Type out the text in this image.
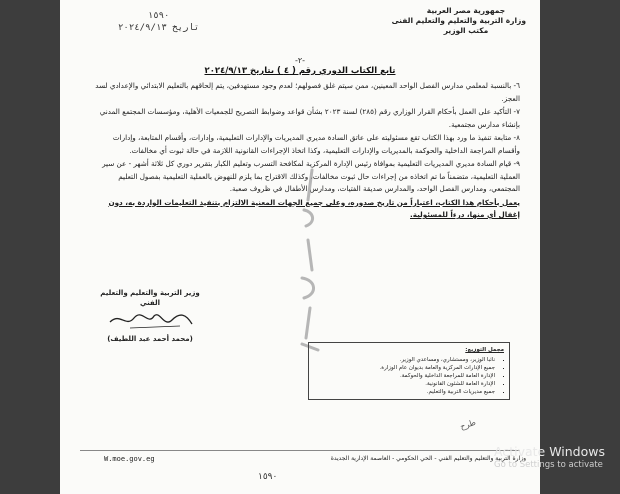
جمهورية مصر العربية
وزارة التربية والتعليم والتعليم الفنى
مكتب الوزير
١٥٩٠
تاريخ ٢٠٢٤/٩/١٣
-٢-
تابع الكتاب الدوري رقم ( ٤ ) بتاريخ ٢٠٢٤/٩/١٣

٦- بالنسبة لمعلمي مدارس الفصل الواحد المعينين، ممن سيتم غلق فصولهم؛ لعدم وجود مستهدفين، يتم إلحاقهم بالتعليم الابتدائي والإعدادي لسد العجز.

٧- التأكيد على العمل بأحكام القرار الوزاري رقم (٢٨٥) لسنة ٢٠٢٣ بشأن قواعد وضوابط التصريح للجمعيات الأهلية، ومؤسسات المجتمع المدني بإنشاء مدارس مجتمعية.

٨- متابعة تنفيذ ما ورد بهذا الكتاب تقع مسئوليته على عاتق السادة مديري المديريات والإدارات التعليمية، وإدارات، وأقسام المتابعة، وإدارات وأقسام المراجعة الداخلية والحوكمة بالمديريات والإدارات التعليمية، وكذا اتخاذ الإجراءات القانونية اللازمة في حالة ثبوت أي مخالفات.

٩- قيام السادة مديري المديريات التعليمية بموافاة رئيس الإدارة المركزية لمكافحة التسرب وتعليم الكبار بتقرير دوري كل ثلاثة أشهر - عن سير العملية التعليمية، متضمناً ما تم اتخاذه من إجراءات حال ثبوت مخالفات، وكذلك الاقتراح بما يلزم للنهوض بالعملية التعليمية بفصول التعليم المجتمعي، ومدارس الفصل الواحد، والمدارس صديقة الفتيات، ومدارس الأطفال في ظروف صعبة.

يعمل بأحكام هذا الكتاب، اعتباراً من تاريخ صدوره، وعلى جميع الجهات المعنية الالتزام بتنفيذ التعليمات الواردة به، دون إغفال أي منها، درءاً للمسئولية.

وزير التربية والتعليم والتعليم الفني
(محمد أحمد عبد اللطيف)
مجمل التوزيع:
▪ نائبا الوزير، ومستشاري، ومساعدي الوزير.
▪ جميع الإدارات المركزية والعامة بديوان عام الوزارة.
▪ الإدارة العامة للمراجعة الداخلية والحوكمة.
▪ الإدارة العامة للشئون القانونية.
▪ جميع مديريات التربية والتعليم.
طرح
وزارة التربية والتعليم والتعليم الفني - الحي الحكومي - العاصمة الإدارية الجديدة
W.moe.gov.eg
١٥٩٠
Activate Windows
Go to Settings to activate
